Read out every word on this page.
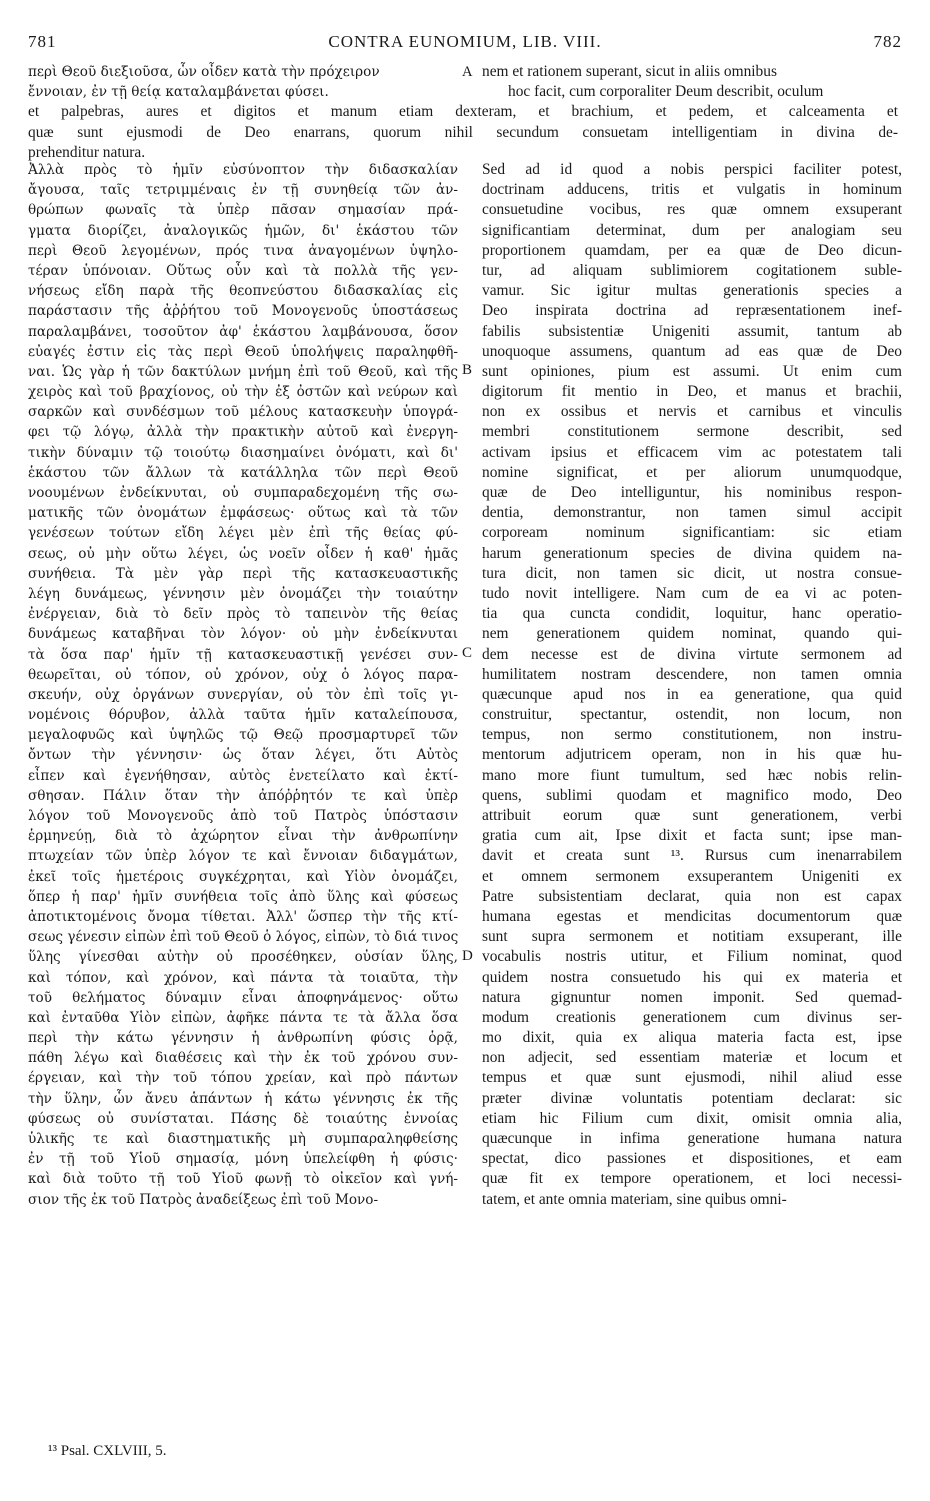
781	CONTRA EUNOMIUM, LIB. VIII.	782
περὶ Θεοῦ διεξιοῦσα, ὧν οἶδεν κατὰ τὴν πρόχειρον	A nem et rationem superant, sicut in aliis omnibus
ἔννοιαν, ἐν τῇ θείᾳ καταλαμβάνεται φύσει.	hoc facit, cum corporaliter Deum describit, oculum
et palpebras, aures et digitos et manum etiam dexteram, et brachium, et pedem, et calceamenta et
quæ sunt ejusmodi de Deo enarrans, quorum nihil secundum consuetam intelligentiam in divina de-
prehenditur natura.
Ἀλλὰ πρὸς τὸ ἡμῖν εὐσύνοπτον τὴν διδασκαλίαν
ἄγουσα, ταῖς τετριμμέναις ἐν τῇ συνηθείᾳ τῶν ἀν-
θρώπων φωναῖς τὰ ὑπὲρ πᾶσαν σημασίαν πρά-
γματα διορίζει, ἀναλογικῶς ἡμῶν, δι' ἑκάστου τῶν
περὶ Θεοῦ λεγομένων, πρός τινα ἀναγομένων ὑψηλο-
τέραν ὑπόνοιαν. Οὕτως οὖν καὶ τὰ πολλὰ τῆς γεν-
νήσεως εἴδη παρὰ τῆς θεοπνεύστου διδασκαλίας εἰς
παράστασιν τῆς ἀῤῥήτου τοῦ Μονογενοῦς ὑποστάσεως
παραλαμβάνει, τοσοῦτον ἀφ' ἑκάστου λαμβάνουσα, ὅσον
εὐαγές ἐστιν εἰς τὰς περὶ Θεοῦ ὑπολήψεις παραληφθῆ-
ναι. Ὡς γὰρ ἡ τῶν δακτύλων μνήμη ἐπὶ τοῦ Θεοῦ, καὶ τῆς
χειρὸς καὶ τοῦ βραχίονος, οὐ τὴν ἐξ ὀστῶν καὶ νεύρων καὶ
σαρκῶν καὶ συνδέσμων τοῦ μέλους κατασκευὴν ὑπογρά-
φει τῷ λόγῳ, ἀλλὰ τὴν πρακτικὴν αὐτοῦ καὶ ἐνεργη-
τικὴν δύναμιν τῷ τοιούτῳ διασημαίνει ὀνόματι, καὶ δι'
ἑκάστου τῶν ἄλλων τὰ κατάλληλα τῶν περὶ Θεοῦ
νοουμένων ἐνδείκνυται, οὐ συμπαραδεχομένη τῆς σω-
ματικῆς τῶν ὀνομάτων ἐμφάσεως· οὕτως καὶ τὰ τῶν
γενέσεων τούτων εἴδη λέγει μὲν ἐπὶ τῆς θείας φύ-
σεως, οὐ μὴν οὕτω λέγει, ὡς νοεῖν οἶδεν ἡ καθ' ἡμᾶς
συνήθεια. Τὰ μὲν γὰρ περὶ τῆς κατασκευαστικῆς
λέγη δυνάμεως, γέννησιν μὲν ὀνομάζει τὴν τοιαύτην
ἐνέργειαν, διὰ τὸ δεῖν πρὸς τὸ ταπεινὸν τῆς θείας
δυνάμεως καταβῆναι τὸν λόγον· οὐ μὴν ἐνδείκνυται
τὰ ὅσα παρ' ἡμῖν τῇ κατασκευαστικῇ γενέσει συν-
θεωρεῖται, οὐ τόπον, οὐ χρόνον, οὐχ ὁ λόγος παρα-
σκευήν, οὐχ ὀργάνων συνεργίαν, οὐ τὸν ἐπὶ τοῖς γι-
νομένοις θόρυβον, ἀλλὰ ταῦτα ἡμῖν καταλείπουσα,
μεγαλοφυῶς καὶ ὑψηλῶς τῷ Θεῷ προσμαρτυρεῖ τῶν
ὄντων τὴν γέννησιν· ὡς ὅταν λέγει, ὅτι Αὐτὸς
εἶπεν καὶ ἐγενήθησαν, αὐτὸς ἐνετείλατο καὶ ἐκτί-
σθησαν. Πάλιν ὅταν τὴν ἀπόῤῥητόν τε καὶ ὑπὲρ
λόγον τοῦ Μονογενοῦς ἀπὸ τοῦ Πατρὸς ὑπόστασιν
ἑρμηνεύῃ, διὰ τὸ ἀχώρητον εἶναι τὴν ἀνθρωπίνην
πτωχείαν τῶν ὑπὲρ λόγον τε καὶ ἔννοιαν διδαγμάτων,
ἐκεῖ τοῖς ἡμετέροις συγκέχρηται, καὶ Υἱὸν ὀνομάζει,
ὅπερ ἡ παρ' ἡμῖν συνήθεια τοῖς ἀπὸ ὕλης καὶ φύσεως
ἀποτικτομένοις ὄνομα τίθεται. Ἀλλ' ὥσπερ τὴν τῆς κτί-
σεως γένεσιν εἰπὼν ἐπὶ τοῦ Θεοῦ ὁ λόγος, εἰπὼν, τὸ διά τινος
ὕλης γίνεσθαι αὐτὴν οὐ προσέθηκεν, οὐσίαν ὕλης,
καὶ τόπον, καὶ χρόνον, καὶ πάντα τὰ τοιαῦτα, τὴν
τοῦ θελήματος δύναμιν εἶναι ἀποφηνάμενος· οὕτω
καὶ ἐνταῦθα Υἱὸν εἰπὼν, ἀφῆκε πάντα τε τὰ ἄλλα ὅσα
περὶ τὴν κάτω γέννησιν ἡ ἀνθρωπίνη φύσις ὁρᾷ,
πάθη λέγω καὶ διαθέσεις καὶ τὴν ἐκ τοῦ χρόνου συν-
έργειαν, καὶ τὴν τοῦ τόπου χρείαν, καὶ πρὸ πάντων
τὴν ὕλην, ὧν ἄνευ ἁπάντων ἡ κάτω γέννησις ἐκ τῆς
φύσεως οὐ συνίσταται. Πάσης δὲ τοιαύτης ἐννοίας
ὑλικῆς τε καὶ διαστηματικῆς μὴ συμπαραληφθείσης
ἐν τῇ τοῦ Υἱοῦ σημασίᾳ, μόνη ὑπελείφθη ἡ φύσις·
καὶ διὰ τοῦτο τῇ τοῦ Υἱοῦ φωνῇ τὸ οἰκεῖον καὶ γνή-
σιον τῆς ἐκ τοῦ Πατρὸς ἀναδείξεως ἐπὶ τοῦ Μονο-
Sed ad id quod a nobis perspici faciliter potest,
doctrinam adducens, tritis et vulgatis in hominum
consuetudine vocibus, res quæ omnem exsuperant
significantiam determinat, dum per analogiam seu
proportionem quamdam, per ea quæ de Deo dicun-
tur, ad aliquam sublimiorem cogitationem suble-
vamur. Sic igitur multas generationis species a
Deo inspirata doctrina ad repræsentationem inef-
fabilis subsistentiæ Unigeniti assumit, tantum ab
unoquoque assumens, quantum ad eas quæ de Deo
sunt opiniones, pium est assumi. Ut enim cum
digitorum fit mentio in Deo, et manus et brachii,
non ex ossibus et nervis et carnibus et vinculis
membri constitutionem sermone describit, sed
activam ipsius et efficacem vim ac potestatem tali
nomine significat, et per aliorum unumquodque,
quæ de Deo intelliguntur, his nominibus respon-
dentia, demonstrantur, non tamen simul accipit
corpoream nominum significantiam: sic etiam
harum generationum species de divina quidem na-
tura dicit, non tamen sic dicit, ut nostra consue-
tudo novit intelligere. Nam cum de ea vi ac poten-
tia qua cuncta condidit, loquitur, hanc operatio-
nem generationem quidem nominat, quando qui-
dem necesse est de divina virtute sermonem ad
humilitatem nostram descendere, non tamen omnia
quæcunque apud nos in ea generatione, qua quid
construitur, spectantur, ostendit, non locum, non
tempus, non sermo constitutionem, non instru-
mentorum adjutricem operam, non in his quæ hu-
mano more fiunt tumultum, sed hæc nobis relin-
quens, sublimi quodam et magnifico modo, Deo
attribuit eorum quæ sunt generationem, verbi
gratia cum ait, Ipse dixit et facta sunt; ipse man-
davit et creata sunt ¹³. Rursus cum inenarrabilem
et omnem sermonem exsuperantem Unigeniti ex
Patre subsistentiam declarat, quia non est capax
humana egestas et mendicitas documentorum quæ
sunt supra sermonem et notitiam exsuperant, ille
vocabulis nostris utitur, et Filium nominat, quod
quidem nostra consuetudo his qui ex materia et
natura gignuntur nomen imponit. Sed quemad-
modum creationis generationem cum divinus ser-
mo dixit, quia ex aliqua materia facta est, ipse
non adjecit, sed essentiam materiæ et locum et
tempus et quæ sunt ejusmodi, nihil aliud esse
præter divinæ voluntatis potentiam declarat: sic
etiam hic Filium cum dixit, omisit omnia alia,
quæcunque in infima generatione humana natura
spectat, dico passiones et dispositiones, et eam
quæ fit ex tempore operationem, et loci necessi-
tatem, et ante omnia materiam, sine quibus omni-
B
C
D
¹³ Psal. CXLVIII, 5.
